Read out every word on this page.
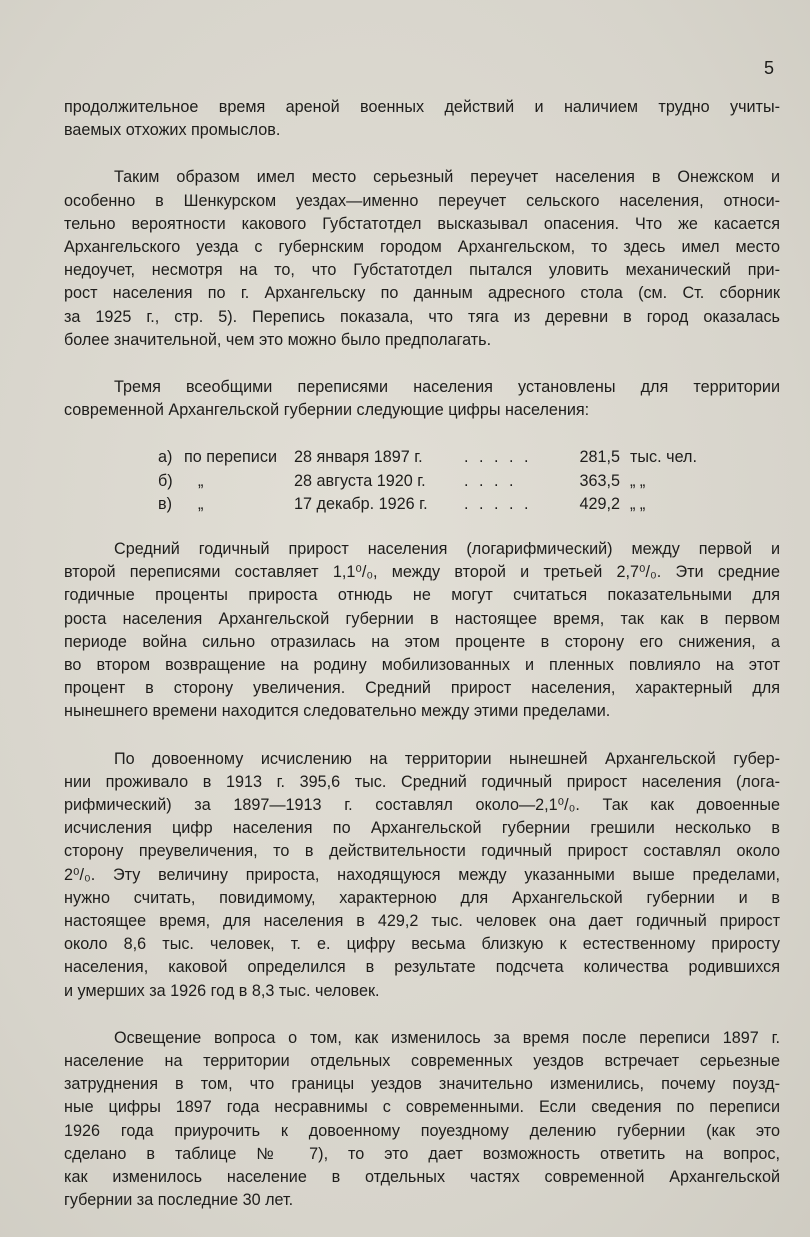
5
продолжительное время ареной военных действий и наличием трудно учиты-
ваемых отхожих промыслов.
Таким образом имел место серьезный переучет населения в Онежском и
особенно в Шенкурском уездах—именно переучет сельского населения, относи-
тельно вероятности какового Губстатотдел высказывал опасения. Что же касается
Архангельского уезда с губернским городом Архангельском, то здесь имел место
недоучет, несмотря на то, что Губстатотдел пытался уловить механический при-
рост населения по г. Архангельску по данным адресного стола (см. Ст. сборник
за 1925 г., стр. 5). Перепись показала, что тяга из деревни в город оказалась
более значительной, чем это можно было предполагать.
Тремя всеобщими переписями населения установлены для территории
современной Архангельской губернии следующие цифры населения:
а) по переписи	28 января 1897 г.	. . . . .	281,5 тыс. чел.
б)	„	28 августа 1920 г.	. . . .	363,5 „ „
в)	„	17 декабр. 1926 г.	. . . . .	429,2 „ „
Средний годичный прирост населения (логарифмический) между первой и
второй переписями составляет 1,1⁰/₀, между второй и третьей 2,7⁰/₀. Эти средние
годичные проценты прироста отнюдь не могут считаться показательными для
роста населения Архангельской губернии в настоящее время, так как в первом
периоде война сильно отразилась на этом проценте в сторону его снижения, а
во втором возвращение на родину мобилизованных и пленных повлияло на этот
процент в сторону увеличения. Средний прирост населения, характерный для
нынешнего времени находится следовательно между этими пределами.
По довоенному исчислению на территории нынешней Архангельской губер-
нии проживало в 1913 г. 395,6 тыс. Средний годичный прирост населения (лога-
рифмический) за 1897—1913 г. составлял около—2,1⁰/₀. Так как довоенные
исчисления цифр населения по Архангельской губернии грешили несколько в
сторону преувеличения, то в действительности годичный прирост составлял около
2⁰/₀. Эту величину прироста, находящуюся между указанными выше пределами,
нужно считать, повидимому, характерною для Архангельской губернии и в
настоящее время, для населения в 429,2 тыс. человек она дает годичный прирост
около 8,6 тыс. человек, т. е. цифру весьма близкую к естественному приросту
населения, каковой определился в результате подсчета количества родившихся
и умерших за 1926 год в 8,3 тыс. человек.
Освещение вопроса о том, как изменилось за время после переписи 1897 г.
население на территории отдельных современных уездов встречает серьезные
затруднения в том, что границы уездов значительно изменились, почему поузд-
ные цифры 1897 года несравнимы с современными. Если сведения по переписи
1926 года приурочить к довоенному поуездному делению губернии (как это
сделано в таблице № 7), то это дает возможность ответить на вопрос,
как изменилось население в отдельных частях современной Архангельской
губернии за последние 30 лет.
